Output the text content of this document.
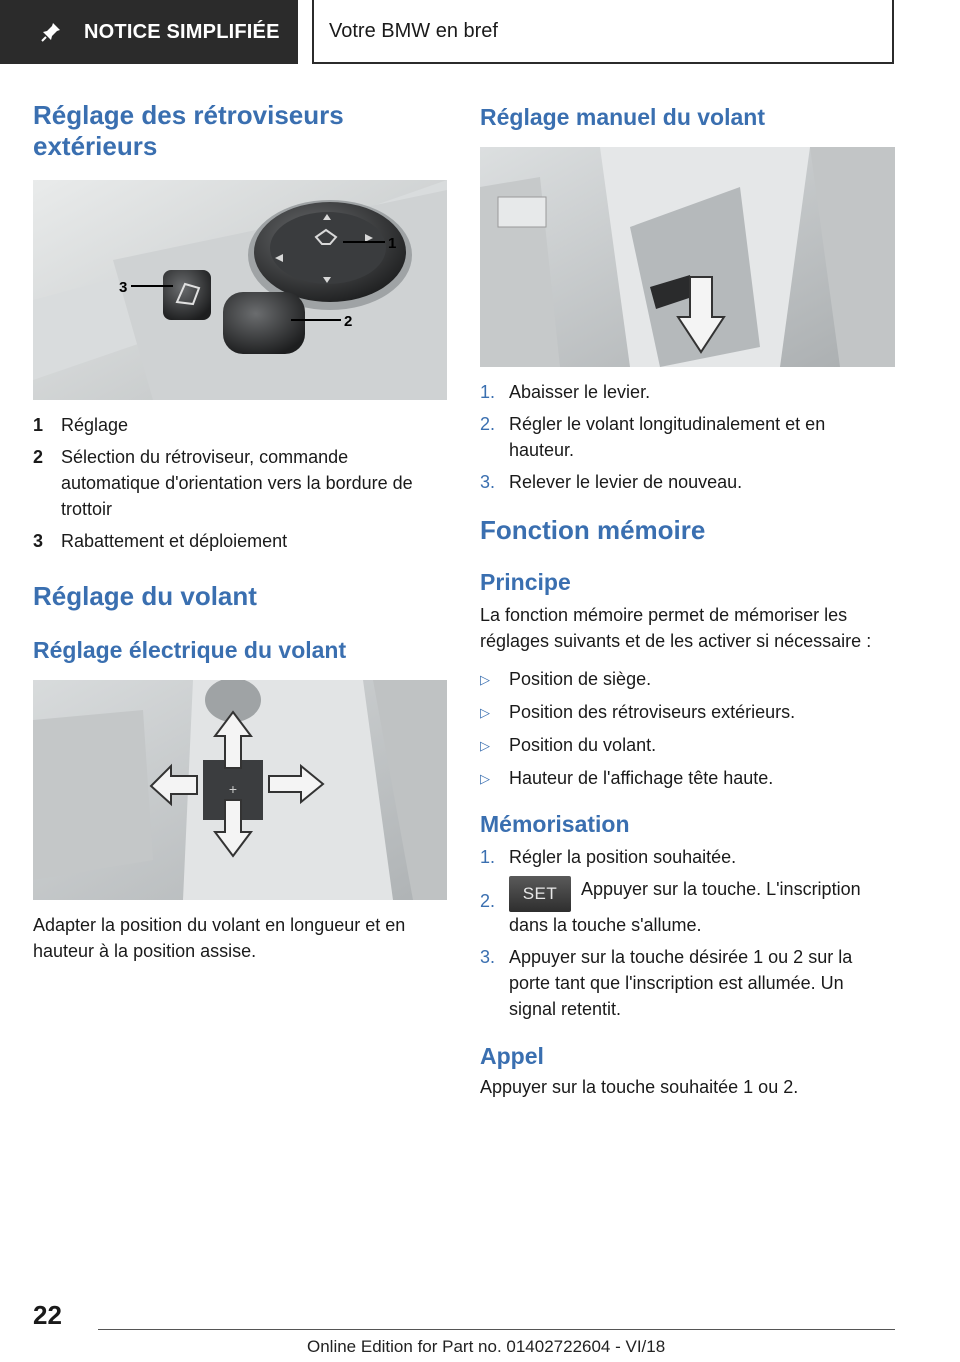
NOTICE SIMPLIFIÉE Votre BMW en bref
Réglage des rétroviseurs extérieurs
1
2
3
1 Réglage
2 Sélection du rétroviseur, commande automatique d'orientation vers la bordure de trottoir
3 Rabattement et déploiement
Réglage du volant
Réglage électrique du volant
+

Adapter la position du volant en longueur et en hauteur à la position assise.

Réglage manuel du volant
1. Abaisser le levier.
2. Régler le volant longitudinalement et en hauteur.
3. Relever le levier de nouveau.
Fonction mémoire
Principe

La fonction mémoire permet de mémoriser les réglages suivants et de les activer si nécessaire :

▷	Position de siège.
▷	Position des rétroviseurs extérieurs.
▷	Position du volant.
▷	Hauteur de l'affichage tête haute.
Mémorisation
1. Régler la position souhaitée.
2.	SET Appuyer sur la touche. L'inscription dans la touche s'allume.
3. Appuyer sur la touche désirée 1 ou 2 sur la porte tant que l'inscription est allumée. Un signal retentit.
Appel

Appuyer sur la touche souhaitée 1 ou 2.

22
Online Edition for Part no. 01402722604 - VI/18
